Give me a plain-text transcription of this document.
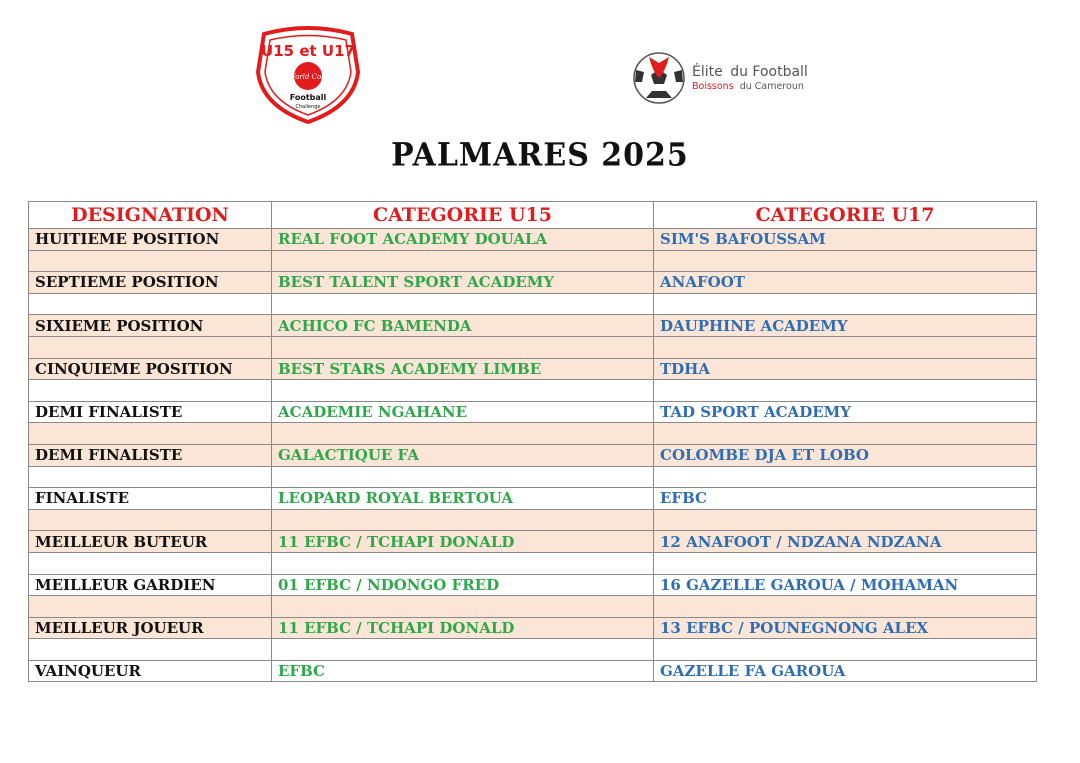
U15 et U17
World Cola
Football
Challenge
Élite du Football
Boissons du Cameroun
PALMARES 2025
DESIGNATION	CATEGORIE U15	CATEGORIE U17
HUITIEME POSITION	REAL FOOT ACADEMY DOUALA	SIM'S BAFOUSSAM

SEPTIEME POSITION	BEST TALENT SPORT ACADEMY	ANAFOOT

SIXIEME POSITION	ACHICO FC BAMENDA	DAUPHINE ACADEMY

CINQUIEME POSITION	BEST STARS ACADEMY LIMBE	TDHA

DEMI FINALISTE	ACADEMIE NGAHANE	TAD SPORT ACADEMY

DEMI FINALISTE	GALACTIQUE FA	COLOMBE DJA ET LOBO

FINALISTE	LEOPARD ROYAL BERTOUA	EFBC

MEILLEUR BUTEUR	11 EFBC / TCHAPI DONALD	12 ANAFOOT / NDZANA NDZANA

MEILLEUR GARDIEN	01 EFBC / NDONGO FRED	16 GAZELLE GAROUA / MOHAMAN

MEILLEUR JOUEUR	11 EFBC / TCHAPI DONALD	13 EFBC / POUNEGNONG ALEX

VAINQUEUR	EFBC	GAZELLE FA GAROUA
